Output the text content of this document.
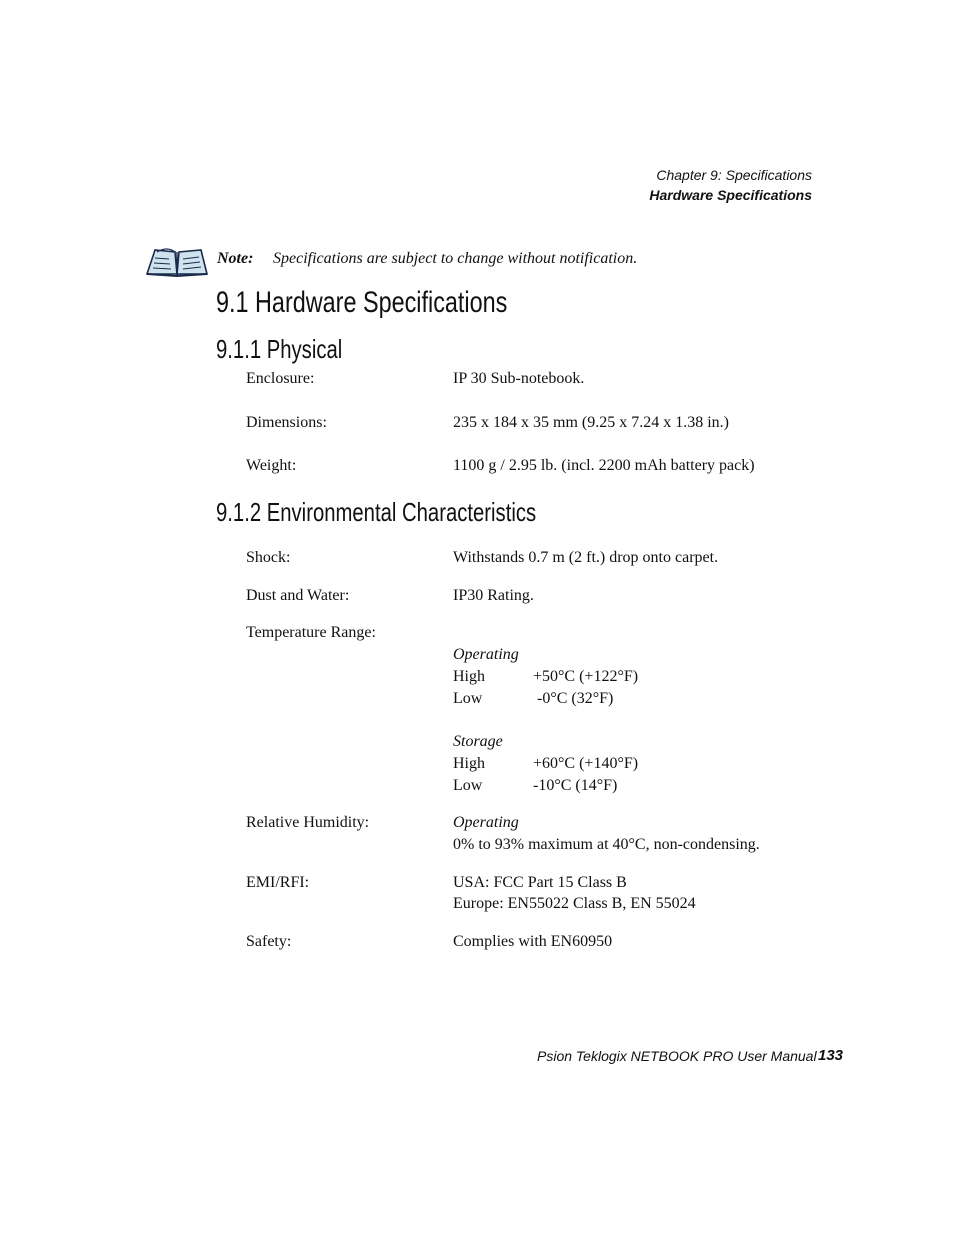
Chapter 9: Specifications
Hardware Specifications
Note: Specifications are subject to change without notification.
9.1 Hardware Specifications
9.1.1 Physical
Enclosure:	IP 30 Sub-notebook.
Dimensions:	235 x 184 x 35 mm (9.25 x 7.24 x 1.38 in.)
Weight:	1100 g / 2.95 lb. (incl. 2200 mAh battery pack)
9.1.2 Environmental Characteristics
Shock:	Withstands 0.7 m (2 ft.) drop onto carpet.
Dust and Water:	IP30 Rating.
Temperature Range:
Operating
High	+50°C (+122°F)
Low	-0°C (32°F)
Storage
High	+60°C (+140°F)
Low	-10°C (14°F)
Relative Humidity:	Operating
0% to 93% maximum at 40°C, non-condensing.
EMI/RFI:	USA: FCC Part 15 Class B
Europe: EN55022 Class B, EN 55024
Safety:	Complies with EN60950
Psion Teklogix NETBOOK PRO User Manual 133
